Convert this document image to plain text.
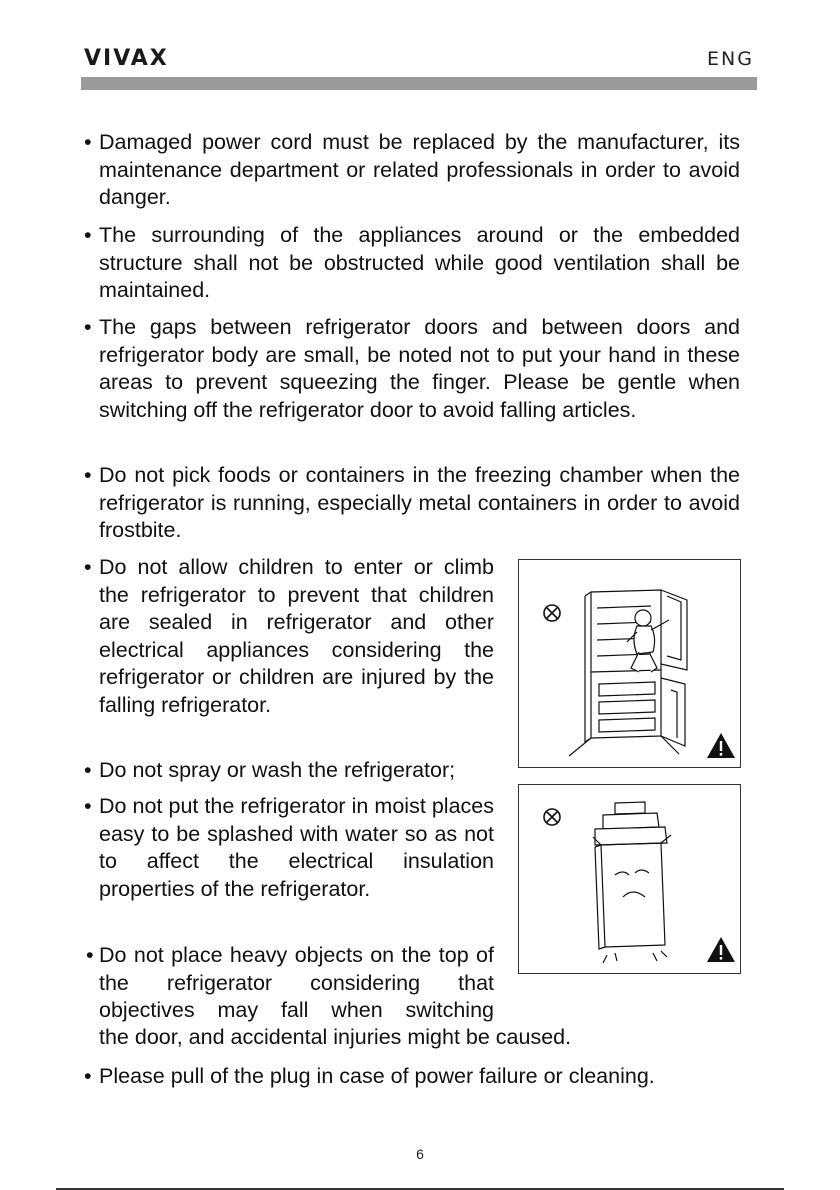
VIVAX	ENG
• Damaged power cord must be replaced by the manufacturer, its maintenance department or related professionals in order to avoid danger.
• The surrounding of the appliances around or the embedded structure shall not be obstructed while good ventilation shall be maintained.
• The gaps between refrigerator doors and between doors and refrigerator body are small, be noted not to put your hand in these areas to prevent squeezing the finger. Please be gentle when switching off the refrigerator door to avoid falling articles.
• Do not pick foods or containers in the freezing chamber when the refrigerator is running, especially metal containers in order to avoid frostbite.
• Do not allow children to enter or climb the refrigerator to prevent that children are sealed in refrigerator and other electrical appliances considering the refrigerator or children are injured by the falling refrigerator.
• Do not spray or wash the refrigerator;
• Do not put the refrigerator in moist places easy to be splashed with water so as not to affect the electrical insulation properties of the refrigerator.
• Do not place heavy objects on the top of the refrigerator considering that objectives may fall when switching
the door, and accidental injuries might be caused.
• Please pull of the plug in case of power failure or cleaning.
6
